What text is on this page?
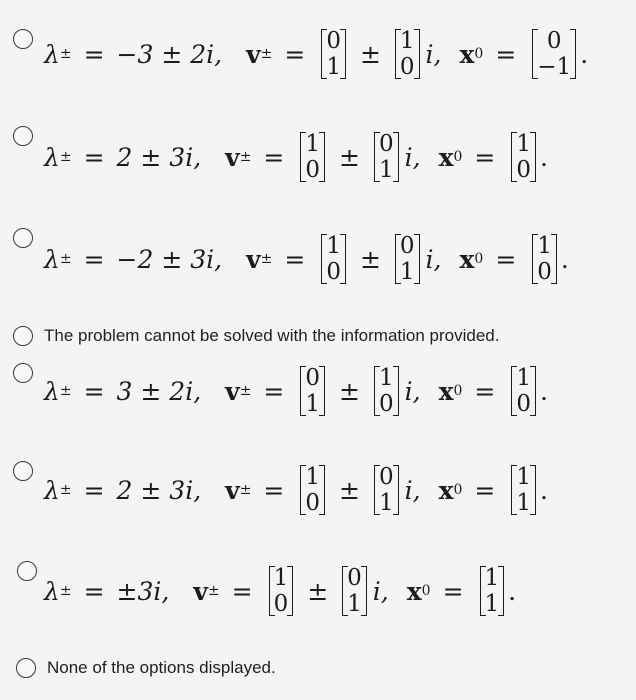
λ ± = −3 ± 2i, v ± = 0
1 ± 1
0 i, x 0 = 0
−1 .
λ ± = 2 ± 3i, v ± = 1
0 ± 0
1 i, x 0 = 1
0 .
λ ± = −2 ± 3i, v ± = 1
0 ± 0
1 i, x 0 = 1
0 .
The problem cannot be solved with the information provided.
λ ± = 3 ± 2i, v ± = 0
1 ± 1
0 i, x 0 = 1
0 .
λ ± = 2 ± 3i, v ± = 1
0 ± 0
1 i, x 0 = 1
1 .
λ ± = ±3i, v ± = 1
0 ± 0
1 i, x 0 = 1
1 .
None of the options displayed.
